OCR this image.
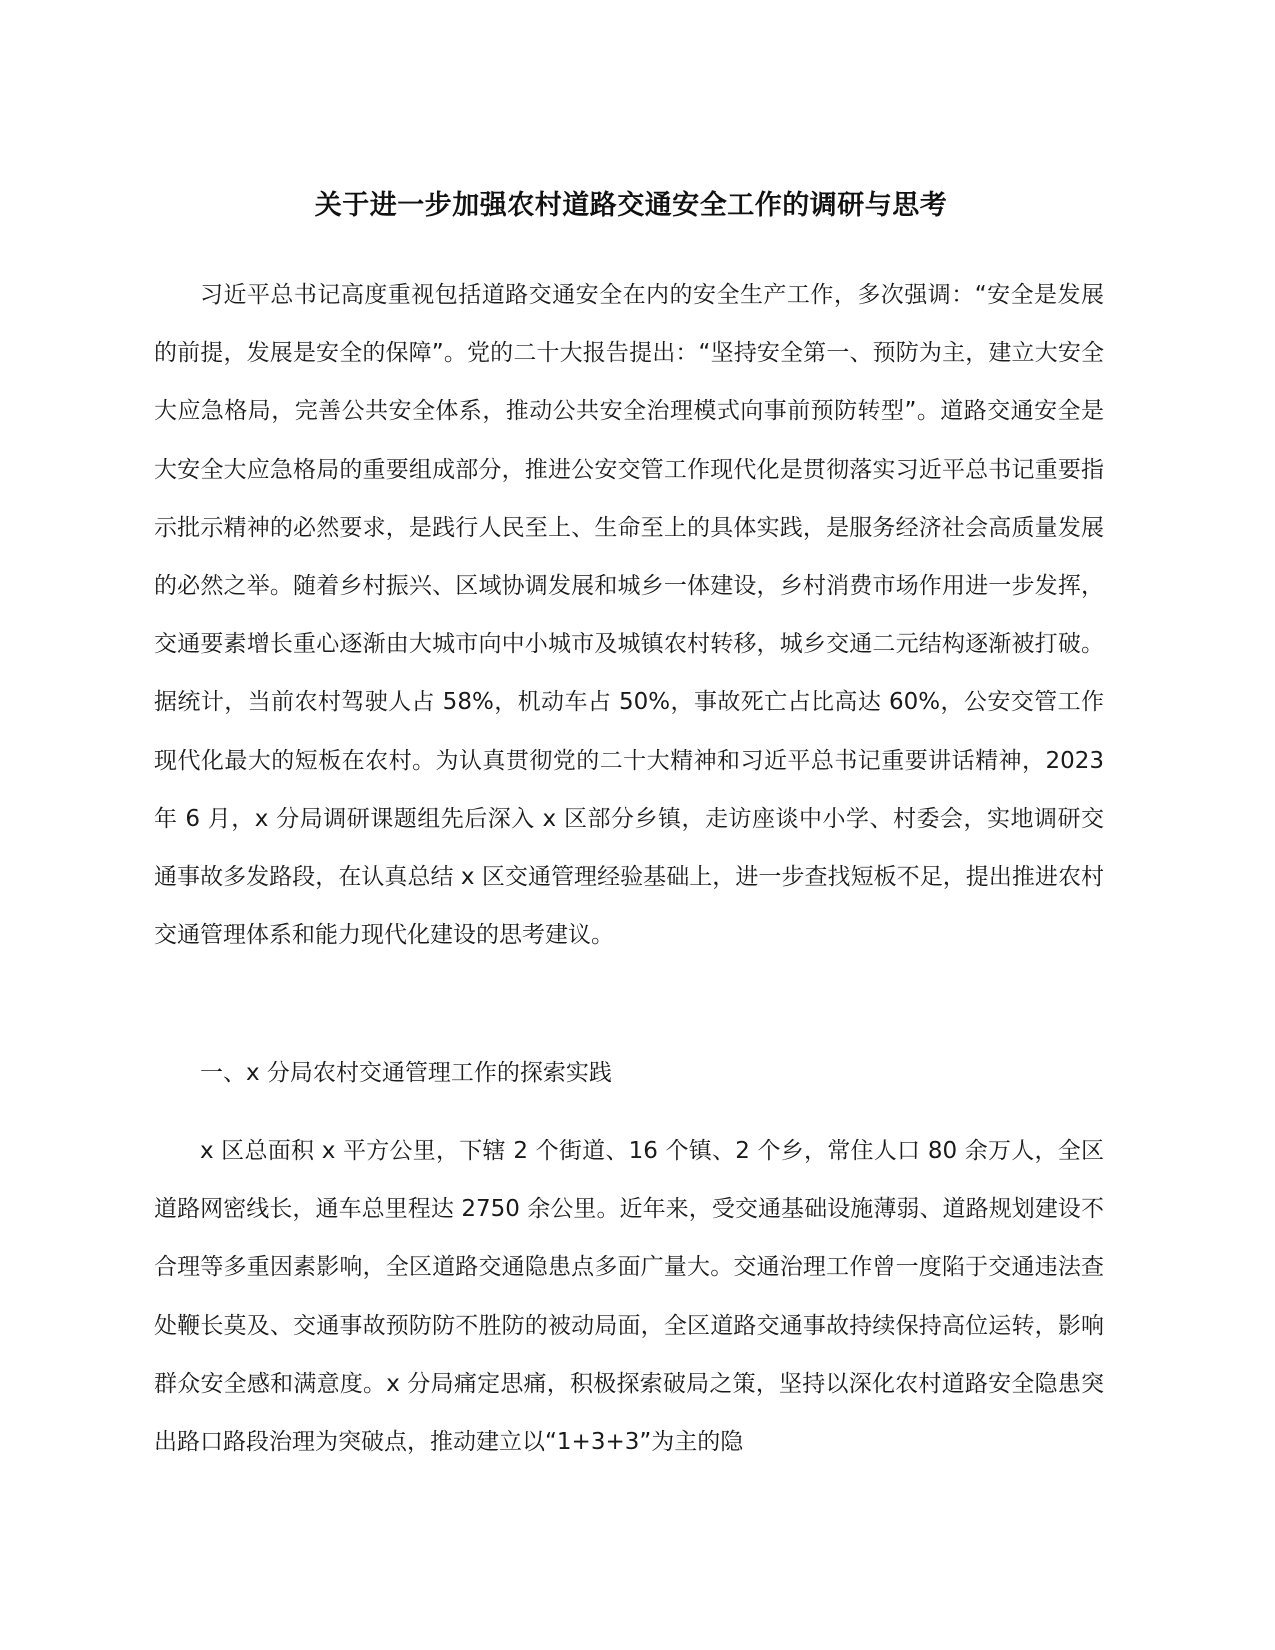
关于进一步加强农村道路交通安全工作的调研与思考

习近平总书记高度重视包括道路交通安全在内的安全生产工作，多次强调：“安全是发展的前提，发展是安全的保障”。党的二十大报告提出：“坚持安全第一、预防为主，建立大安全大应急格局，完善公共安全体系，推动公共安全治理模式向事前预防转型”。道路交通安全是大安全大应急格局的重要组成部分，推进公安交管工作现代化是贯彻落实习近平总书记重要指示批示精神的必然要求，是践行人民至上、生命至上的具体实践，是服务经济社会高质量发展的必然之举。随着乡村振兴、区域协调发展和城乡一体建设，乡村消费市场作用进一步发挥，交通要素增长重心逐渐由大城市向中小城市及城镇农村转移，城乡交通二元结构逐渐被打破。据统计，当前农村驾驶人占 58%，机动车占 50%，事故死亡占比高达 60%，公安交管工作现代化最大的短板在农村。为认真贯彻党的二十大精神和习近平总书记重要讲话精神，2023 年 6 月，x 分局调研课题组先后深入 x 区部分乡镇，走访座谈中小学、村委会，实地调研交通事故多发路段，在认真总结 x 区交通管理经验基础上，进一步查找短板不足，提出推进农村交通管理体系和能力现代化建设的思考建议。

一、x 分局农村交通管理工作的探索实践

x 区总面积 x 平方公里，下辖 2 个街道、16 个镇、2 个乡，常住人口 80 余万人，全区道路网密线长，通车总里程达 2750 余公里。近年来，受交通基础设施薄弱、道路规划建设不合理等多重因素影响，全区道路交通隐患点多面广量大。交通治理工作曾一度陷于交通违法查处鞭长莫及、交通事故预防防不胜防的被动局面，全区道路交通事故持续保持高位运转，影响群众安全感和满意度。x 分局痛定思痛，积极探索破局之策，坚持以深化农村道路安全隐患突出路口路段治理为突破点，推动建立以“1+3+3”为主的隐
